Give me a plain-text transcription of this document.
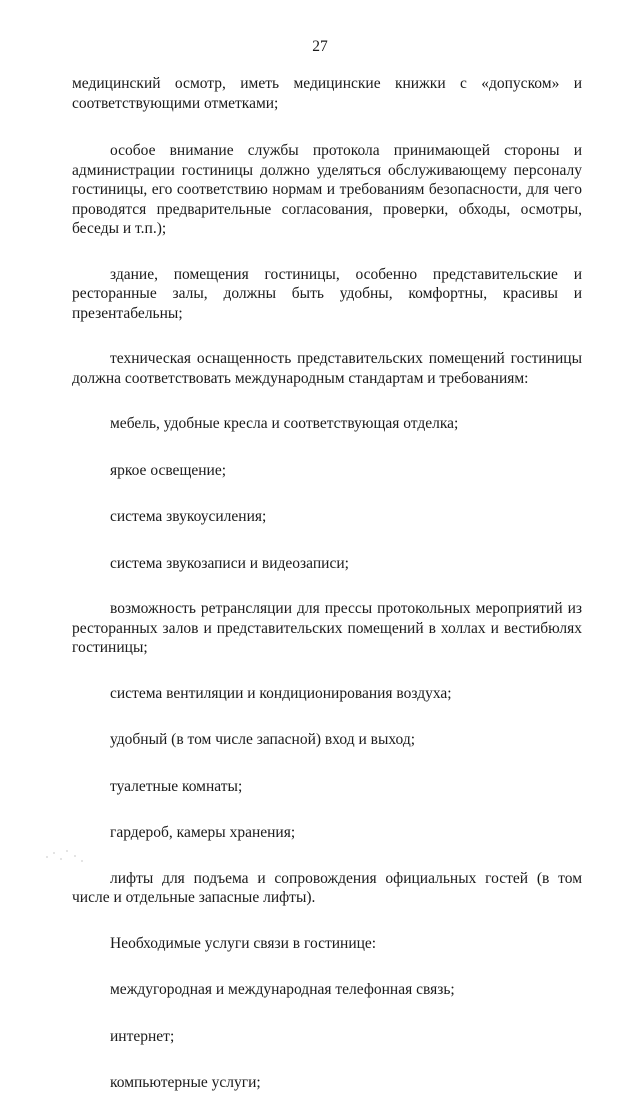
27

медицинский осмотр, иметь медицинские книжки с «допуском» и соответствующими отметками;

особое внимание службы протокола принимающей стороны и администрации гостиницы должно уделяться обслуживающему персоналу гостиницы, его соответствию нормам и требованиям безопасности, для чего проводятся предварительные согласования, проверки, обходы, осмотры, беседы и т.п.);

здание, помещения гостиницы, особенно представительские и ресторанные залы, должны быть удобны, комфортны, красивы и презентабельны;

техническая оснащенность представительских помещений гостиницы должна соответствовать международным стандартам и требованиям:

мебель, удобные кресла и соответствующая отделка;

яркое освещение;

система звукоусиления;

система звукозаписи и видеозаписи;

возможность ретрансляции для прессы протокольных мероприятий из ресторанных залов и представительских помещений в холлах и вестибюлях гостиницы;

система вентиляции и кондиционирования воздуха;

удобный (в том числе запасной) вход и выход;

туалетные комнаты;

гардероб, камеры хранения;

лифты для подъема и сопровождения официальных гостей (в том числе и отдельные запасные лифты).

Необходимые услуги связи в гостинице:

междугородная и международная телефонная связь;

интернет;

компьютерные услуги;
